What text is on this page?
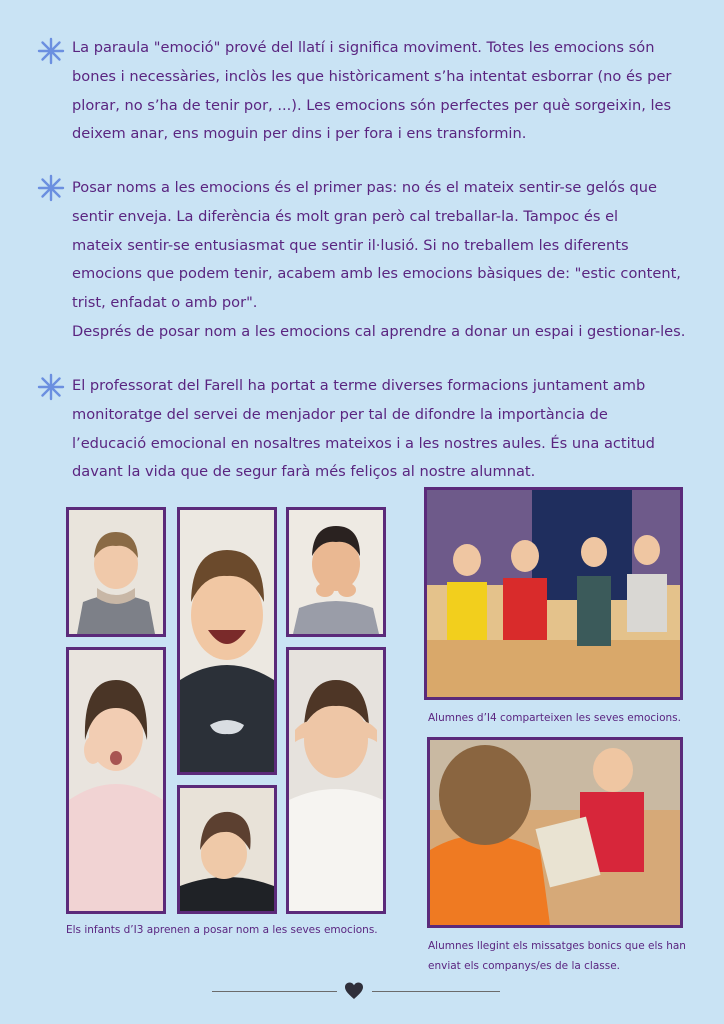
La paraula "emoció" prové del llatí i significa moviment. Totes les emocions són
bones i necessàries, inclòs les que històricament s’ha intentat esborrar (no és per
plorar, no s’ha de tenir por, ...). Les emocions són perfectes per què sorgeixin, les
deixem anar, ens moguin per dins i per fora i ens transformin.

Posar noms a les emocions és el primer pas: no és el mateix sentir-se gelós que
sentir enveja. La diferència és molt gran però cal treballar-la. Tampoc és el
mateix sentir-se entusiasmat que sentir il·lusió. Si no treballem les diferents
emocions que podem tenir, acabem amb les emocions bàsiques de: "estic content,
trist, enfadat o amb por".
Després de posar nom a les emocions cal aprendre a donar un espai i gestionar-les.

El professorat del Farell ha portat a terme diverses formacions juntament amb
monitoratge del servei de menjador per tal de difondre la importància de
l’educació emocional en nosaltres mateixos i a les nostres aules. És una actitud
davant la vida que de segur farà més feliços al nostre alumnat.

Els infants d’I3 aprenen a posar nom a les seves emocions.

Alumnes d’I4 comparteixen les seves emocions.

Alumnes llegint els missatges bonics que els han
enviat els companys/es de la classe.
